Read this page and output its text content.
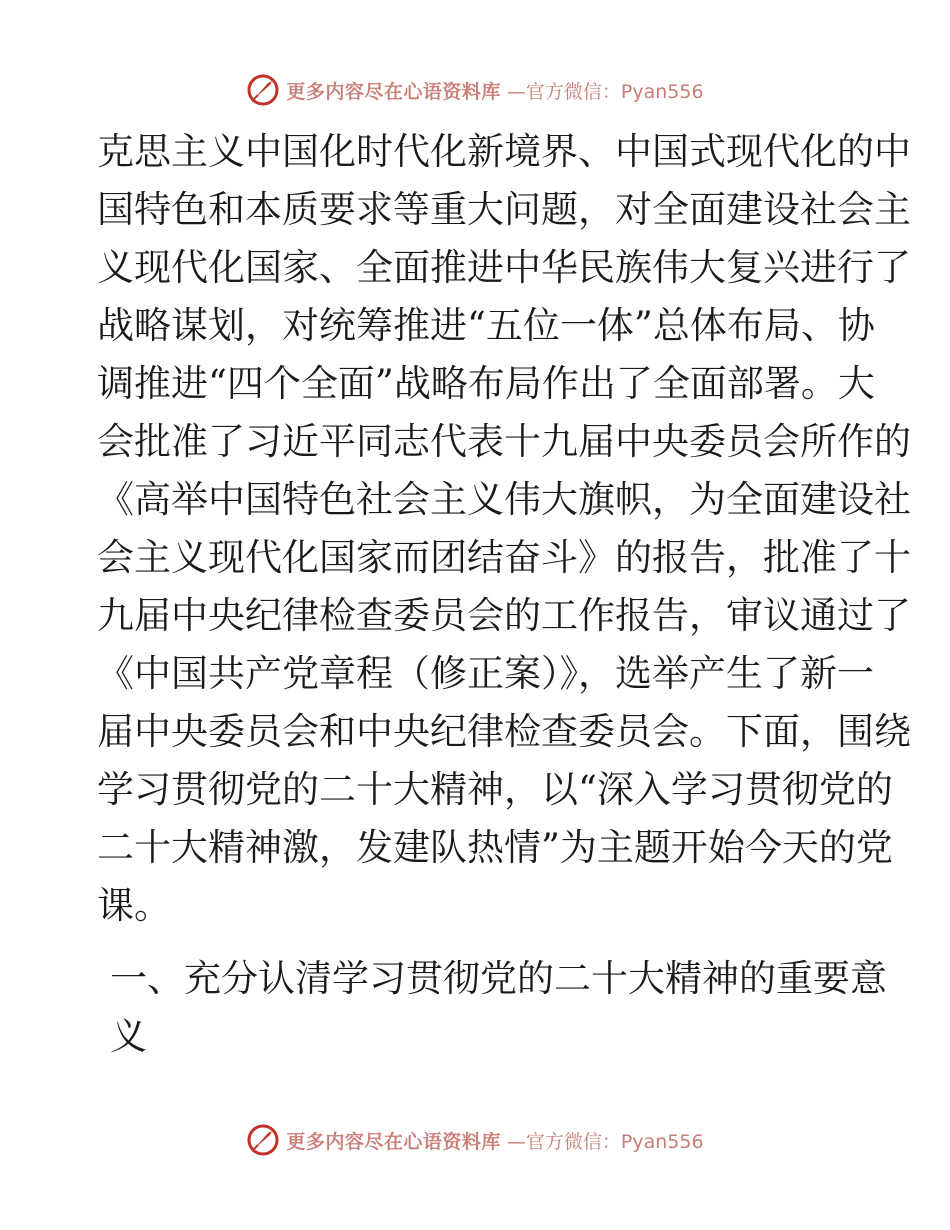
更多内容尽在心语资料库 —官方微信：Pyan556
克思主义中国化时代化新境界、中国式现代化的中
国特色和本质要求等重大问题，对全面建设社会主
义现代化国家、全面推进中华民族伟大复兴进行了
战略谋划，对统筹推进“五位一体”总体布局、协
调推进“四个全面”战略布局作出了全面部署。大
会批准了习近平同志代表十九届中央委员会所作的
《高举中国特色社会主义伟大旗帜，为全面建设社
会主义现代化国家而团结奋斗》的报告，批准了十
九届中央纪律检查委员会的工作报告，审议通过了
《中国共产党章程（修正案）》，选举产生了新一
届中央委员会和中央纪律检查委员会。下面，围绕
学习贯彻党的二十大精神，以“深入学习贯彻党的
二十大精神激，发建队热情”为主题开始今天的党
课。
一、充分认清学习贯彻党的二十大精神的重要意
义
更多内容尽在心语资料库 —官方微信：Pyan556
